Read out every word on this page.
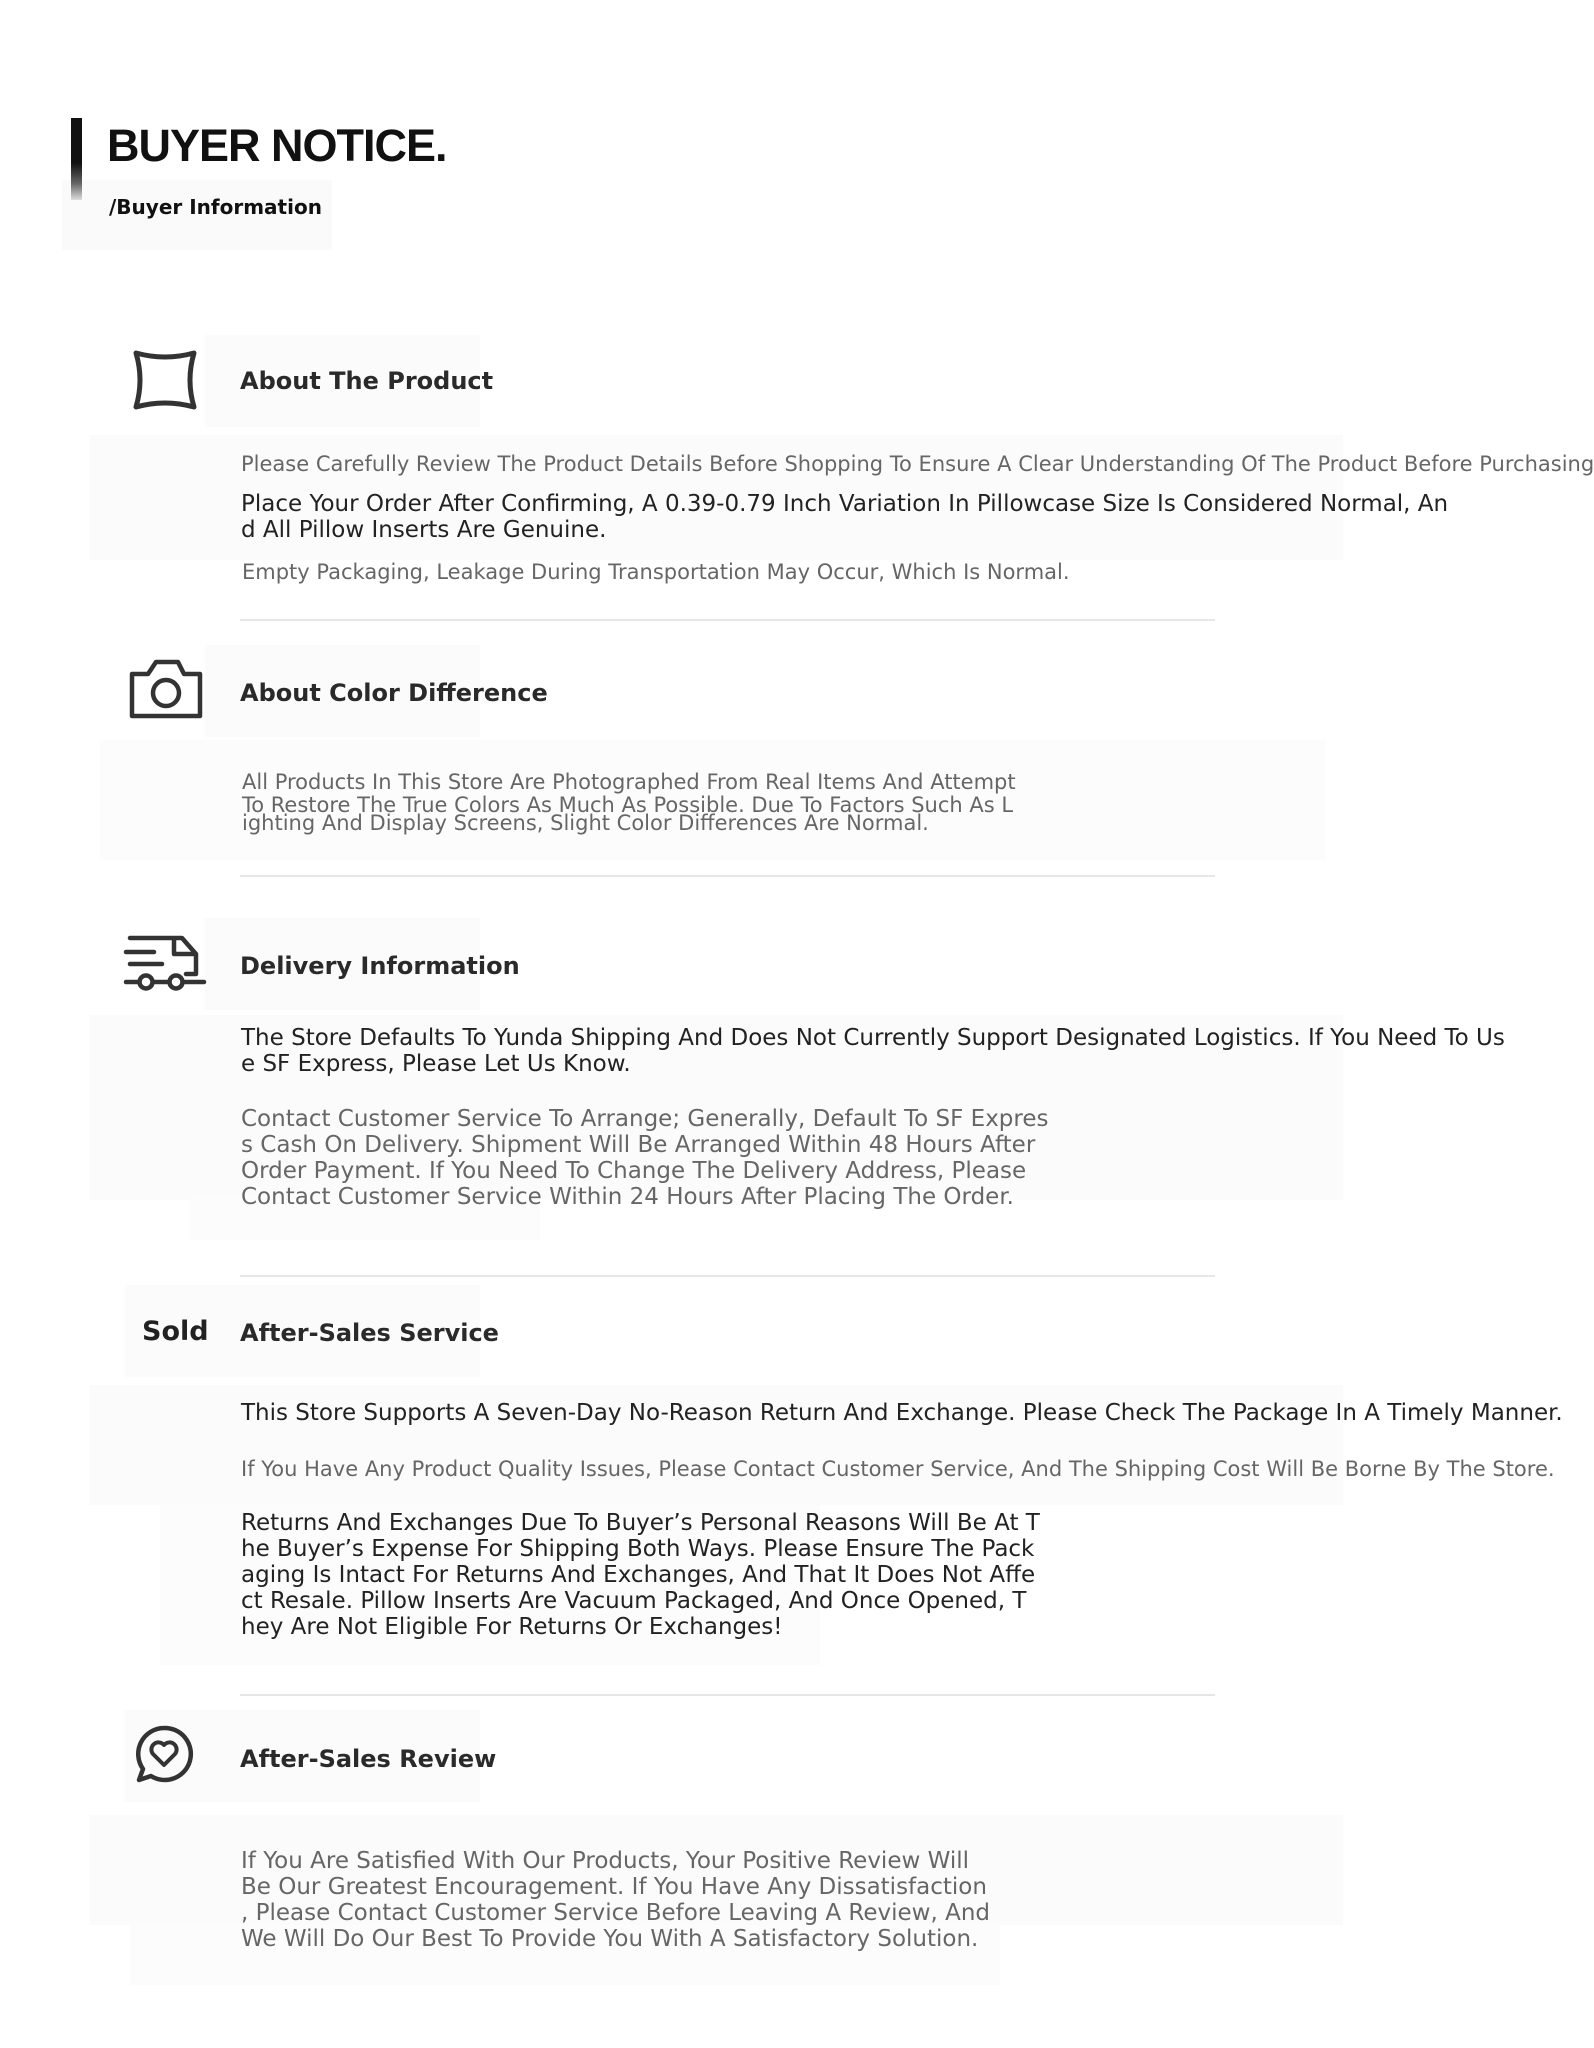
BUYER NOTICE.
/Buyer Information
About The Product
Please Carefully Review The Product Details Before Shopping To Ensure A Clear Understanding Of The Product Before Purchasing
Place Your Order After Confirming, A 0.39-0.79 Inch Variation In Pillowcase Size Is Considered Normal, An
d All Pillow Inserts Are Genuine.
Empty Packaging, Leakage During Transportation May Occur, Which Is Normal.
About Color Difference
All Products In This Store Are Photographed From Real Items And Attempt
To Restore The True Colors As Much As Possible. Due To Factors Such As L
ighting And Display Screens, Slight Color Differences Are Normal.
Delivery Information
The Store Defaults To Yunda Shipping And Does Not Currently Support Designated Logistics. If You Need To Us
e SF Express, Please Let Us Know.
Contact Customer Service To Arrange; Generally, Default To SF Expres
s Cash On Delivery. Shipment Will Be Arranged Within 48 Hours After
Order Payment. If You Need To Change The Delivery Address, Please
Contact Customer Service Within 24 Hours After Placing The Order.
Sold After-Sales Service
This Store Supports A Seven-Day No-Reason Return And Exchange. Please Check The Package In A Timely Manner.
If You Have Any Product Quality Issues, Please Contact Customer Service, And The Shipping Cost Will Be Borne By The Store.
Returns And Exchanges Due To Buyer’s Personal Reasons Will Be At T
he Buyer’s Expense For Shipping Both Ways. Please Ensure The Pack
aging Is Intact For Returns And Exchanges, And That It Does Not Affe
ct Resale. Pillow Inserts Are Vacuum Packaged, And Once Opened, T
hey Are Not Eligible For Returns Or Exchanges!
After-Sales Review
If You Are Satisfied With Our Products, Your Positive Review Will
Be Our Greatest Encouragement. If You Have Any Dissatisfaction
, Please Contact Customer Service Before Leaving A Review, And
We Will Do Our Best To Provide You With A Satisfactory Solution.
